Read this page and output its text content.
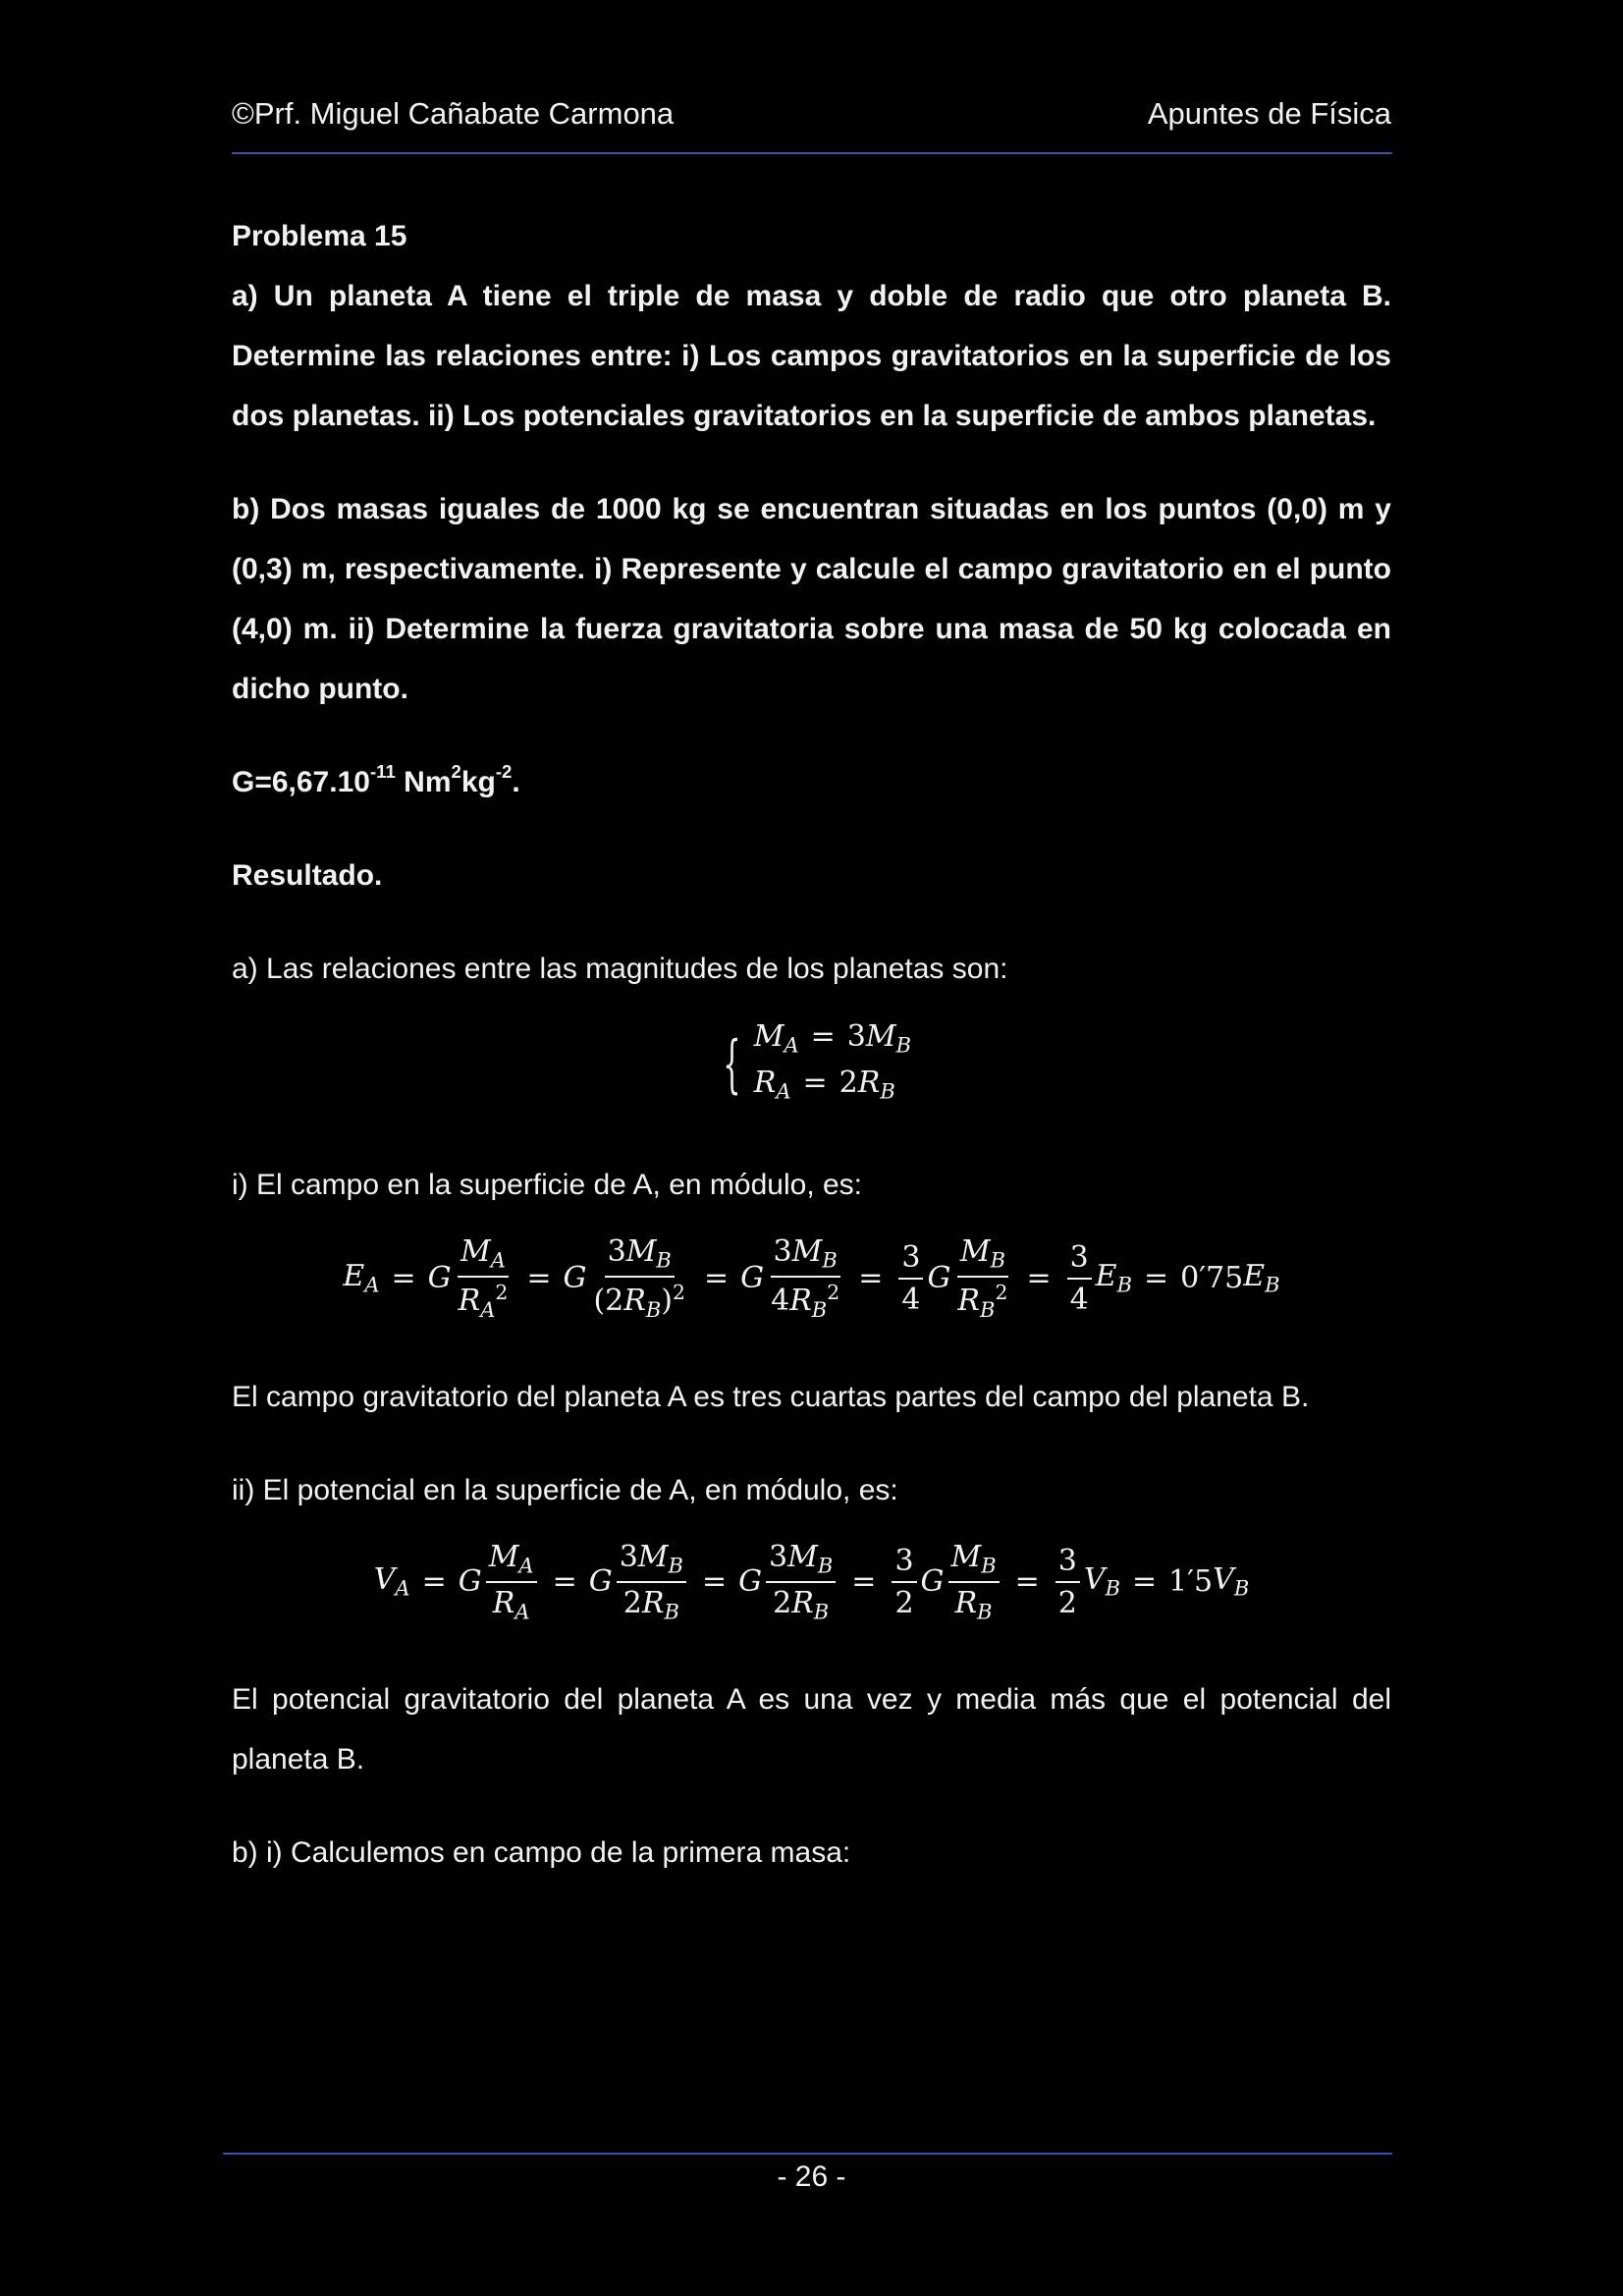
©Prf. Miguel Cañabate Carmona	Apuntes de Física

Problema 15

a) Un planeta A tiene el triple de masa y doble de radio que otro planeta B. Determine las relaciones entre: i) Los campos gravitatorios en la superficie de los dos planetas. ii) Los potenciales gravitatorios en la superficie de ambos planetas.

b) Dos masas iguales de 1000 kg se encuentran situadas en los puntos (0,0) m y (0,3) m, respectivamente. i) Represente y calcule el campo gravitatorio en el punto (4,0) m. ii) Determine la fuerza gravitatoria sobre una masa de 50 kg colocada en dicho punto.

$G=6,67.10^{-11}$ $Nm^2kg^{-2}$.

Resultado.

a) Las relaciones entre las magnitudes de los planetas son:

{ $M_A = 3M_B$
$R_A = 2R_B$

i) El campo en la superficie de A, en módulo, es:

$E_A = G \frac{M_A}{R_A^2} = G \frac{3M_B}{(2R_B)^2} = G \frac{3M_B}{4R_B^2} = \frac{3}{4}$ G $\frac{M_B}{R_B^2} = \frac{3}{4} E_B = 0'75$ $E_B$

El campo gravitatorio del planeta A es tres cuartas partes del campo del planeta B.

ii) El potencial en la superficie de A, en módulo, es:

$V_A = G \frac{M_A}{R_A} = G \frac{3M_B}{2R_B} = G \frac{3M_B}{2R_B} = \frac{3}{2}$ G $\frac{M_B}{R_B} = \frac{3}{2} V_B = 1'5$ $V_B$

El potencial gravitatorio del planeta A es una vez y media más que el potencial del planeta B.

b) i) Calculemos en campo de la primera masa:

- 26 -
